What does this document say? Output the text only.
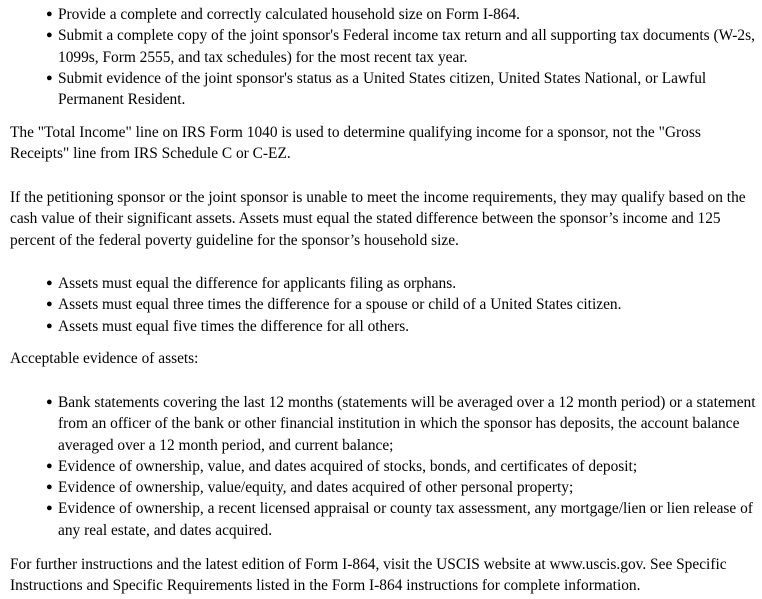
● Provide a complete and correctly calculated household size on Form I-864.
● Submit a complete copy of the joint sponsor's Federal income tax return and all supporting tax documents (W-2s, 1099s, Form 2555, and tax schedules) for the most recent tax year.
● Submit evidence of the joint sponsor's status as a United States citizen, United States National, or Lawful Permanent Resident.

The "Total Income" line on IRS Form 1040 is used to determine qualifying income for a sponsor, not the "Gross Receipts" line from IRS Schedule C or C-EZ.

If the petitioning sponsor or the joint sponsor is unable to meet the income requirements, they may qualify based on the cash value of their significant assets. Assets must equal the stated difference between the sponsor’s income and 125 percent of the federal poverty guideline for the sponsor’s household size.

● Assets must equal the difference for applicants filing as orphans.
● Assets must equal three times the difference for a spouse or child of a United States citizen.
● Assets must equal five times the difference for all others.

Acceptable evidence of assets:

● Bank statements covering the last 12 months (statements will be averaged over a 12 month period) or a statement from an officer of the bank or other financial institution in which the sponsor has deposits, the account balance averaged over a 12 month period, and current balance;
● Evidence of ownership, value, and dates acquired of stocks, bonds, and certificates of deposit;
● Evidence of ownership, value/equity, and dates acquired of other personal property;
● Evidence of ownership, a recent licensed appraisal or county tax assessment, any mortgage/lien or lien release of any real estate, and dates acquired.

For further instructions and the latest edition of Form I-864, visit the USCIS website at www.uscis.gov. See Specific Instructions and Specific Requirements listed in the Form I-864 instructions for complete information.
